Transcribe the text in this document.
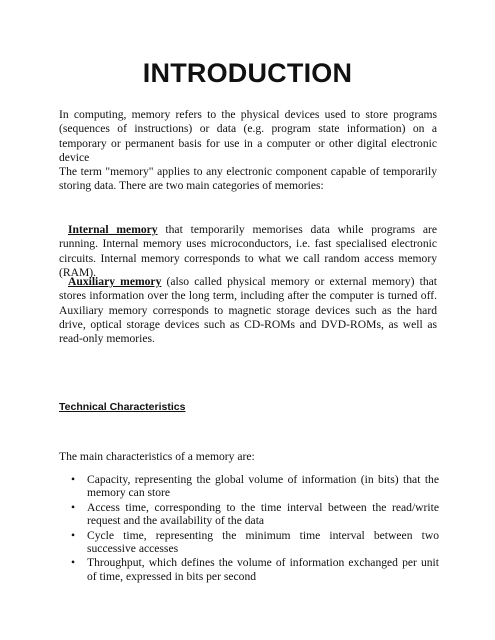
INTRODUCTION

In computing, memory refers to the physical devices used to store programs (sequences of instructions) or data (e.g. program state information) on a temporary or permanent basis for use in a computer or other digital electronic device

The term "memory" applies to any electronic component capable of temporarily storing data. There are two main categories of memories:

Internal memory that temporarily memorises data while programs are running. Internal memory uses microconductors, i.e. fast specialised electronic circuits. Internal memory corresponds to what we call random access memory (RAM).

Auxiliary memory (also called physical memory or external memory) that stores information over the long term, including after the computer is turned off. Auxiliary memory corresponds to magnetic storage devices such as the hard drive, optical storage devices such as CD-ROMs and DVD-ROMs, as well as read-only memories.

Technical Characteristics

The main characteristics of a memory are:

• Capacity, representing the global volume of information (in bits) that the memory can store
• Access time, corresponding to the time interval between the read/write request and the availability of the data
• Cycle time, representing the minimum time interval between two successive accesses
• Throughput, which defines the volume of information exchanged per unit of time, expressed in bits per second
